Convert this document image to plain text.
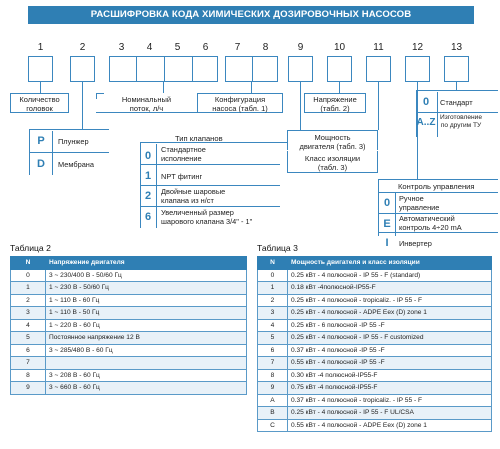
РАСШИФРОВКА КОДА ХИМИЧЕСКИХ ДОЗИРОВОЧНЫХ НАСОСОВ
1	2	3	4	5	6	7	8	9	10	11	12	13
Количество
головок
Номинальный
поток, л/ч
Конфигурация
насоса (табл. 1)
Напряжение
(табл. 2)
P	Плунжер
D	Мембрана
Тип клапанов
0
Стандартное
исполнение
1	NPT фитинг
2	Двойные шаровые
клапана из н/ст
6	Увеличенный размер
шарового клапана 3/4" - 1"
Мощность
двигателя (табл. 3)
Класс изоляции
(табл. 3)
0	Стандарт
A..Z Изготовление
по другим ТУ
Контроль управления
0	Ручное
управление
E	Автоматический
контроль 4÷20 mA
I	Инвертер
Таблица 2
N	Напряжение двигателя
0	3 ~ 230/400 В - 50/60 Гц
1	1 ~ 230 В - 50/60 Гц
2	1 ~ 110 В - 60 Гц
3	1 ~ 110 В - 50 Гц
4	1 ~ 220 В - 60 Гц
5	Постоянное напряжение 12 В
6	3 ~ 285/480 В - 60 Гц
7	
8	3 ~ 208 В - 60 Гц
9	3 ~ 660 В - 60 Гц
Таблица 3
N	Мощность двигателя и класс изоляции
0	0.25 кВт - 4 полюсной - IP 55 - F (standard)
1	0.18 кВт -4полюсной-IP55-F
2	0.25 кВт - 4 полюсной - tropicaliz. - IP 55 - F
3	0.25 кВт - 4 полюсной - ADPE Eex (D) zone 1
4	0.25 кВт - 6 полюсной -IP 55 -F
5	0.25 кВт - 4 полюсной - IP 55 - F customized
6	0.37 кВт - 4 полюсной -IP 55 -F
7	0.55 кВт - 4 полюсной -IP 55 -F
8	0.30 кВт -4 полюсной-IP55-F
9	0.75 кВт -4 полюсной-IP55-F
A	0.37 кВт - 4 полюсной - tropicaliz. - IP 55 - F
B	0.25 кВт - 4 полюсной - IP 55 - F UL/CSA
C	0.55 кВт - 4 полюсной - ADPE Eex (D) zone 1
